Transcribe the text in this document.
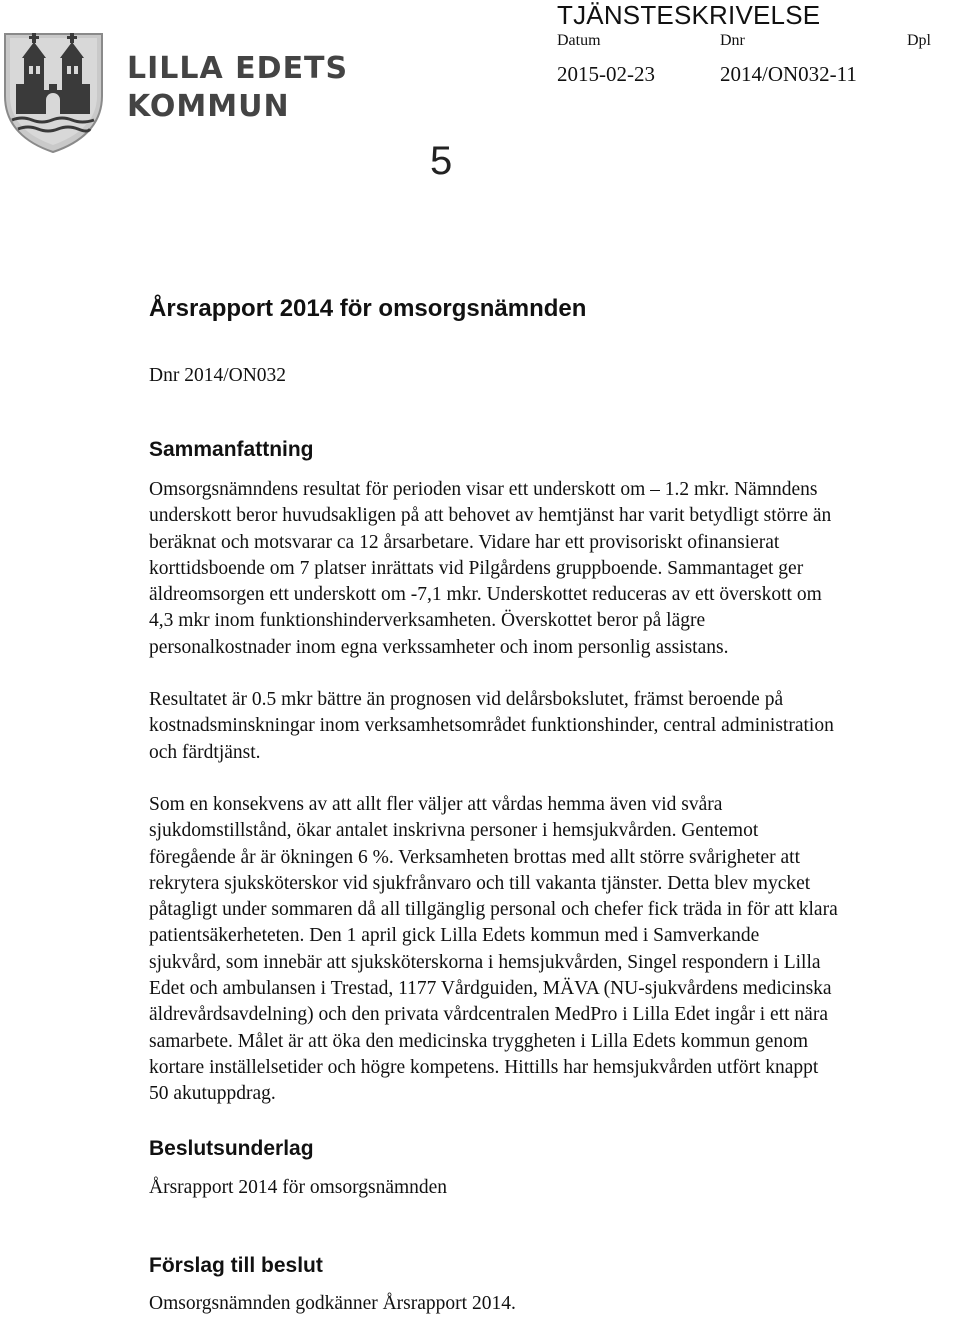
LILLA EDETS
KOMMUN
TJÄNSTESKRIVELSE
Datum	Dnr	Dpl
2015-02-23	2014/ON032-11
5
Årsrapport 2014 för omsorgsnämnden

Dnr 2014/ON032

Sammanfattning

Omsorgsnämndens resultat för perioden visar ett underskott om – 1.2 mkr. Nämndens
underskott beror huvudsakligen på att behovet av hemtjänst har varit betydligt större än
beräknat och motsvarar ca 12 årsarbetare. Vidare har ett provisoriskt ofinansierat
korttidsboende om 7 platser inrättats vid Pilgårdens gruppboende. Sammantaget ger
äldreomsorgen ett underskott om -7,1 mkr. Underskottet reduceras av ett överskott om
4,3 mkr inom funktionshinderverksamheten. Överskottet beror på lägre
personalkostnader inom egna verkssamheter och inom personlig assistans.

Resultatet är 0.5 mkr bättre än prognosen vid delårsbokslutet, främst beroende på
kostnadsminskningar inom verksamhetsområdet funktionshinder, central administration
och färdtjänst.

Som en konsekvens av att allt fler väljer att vårdas hemma även vid svåra
sjukdomstillstånd, ökar antalet inskrivna personer i hemsjukvården. Gentemot
föregående år är ökningen 6 %. Verksamheten brottas med allt större svårigheter att
rekrytera sjuksköterskor vid sjukfrånvaro och till vakanta tjänster. Detta blev mycket
påtagligt under sommaren då all tillgänglig personal och chefer fick träda in för att klara
patientsäkerheteten. Den 1 april gick Lilla Edets kommun med i Samverkande
sjukvård, som innebär att sjuksköterskorna i hemsjukvården, Singel respondern i Lilla
Edet och ambulansen i Trestad, 1177 Vårdguiden, MÄVA (NU-sjukvårdens medicinska
äldrevårdsavdelning) och den privata vårdcentralen MedPro i Lilla Edet ingår i ett nära
samarbete. Målet är att öka den medicinska tryggheten i Lilla Edets kommun genom
kortare inställelsetider och högre kompetens. Hittills har hemsjukvården utfört knappt
50 akutuppdrag.

Beslutsunderlag

Årsrapport 2014 för omsorgsnämnden

Förslag till beslut

Omsorgsnämnden godkänner Årsrapport 2014.
